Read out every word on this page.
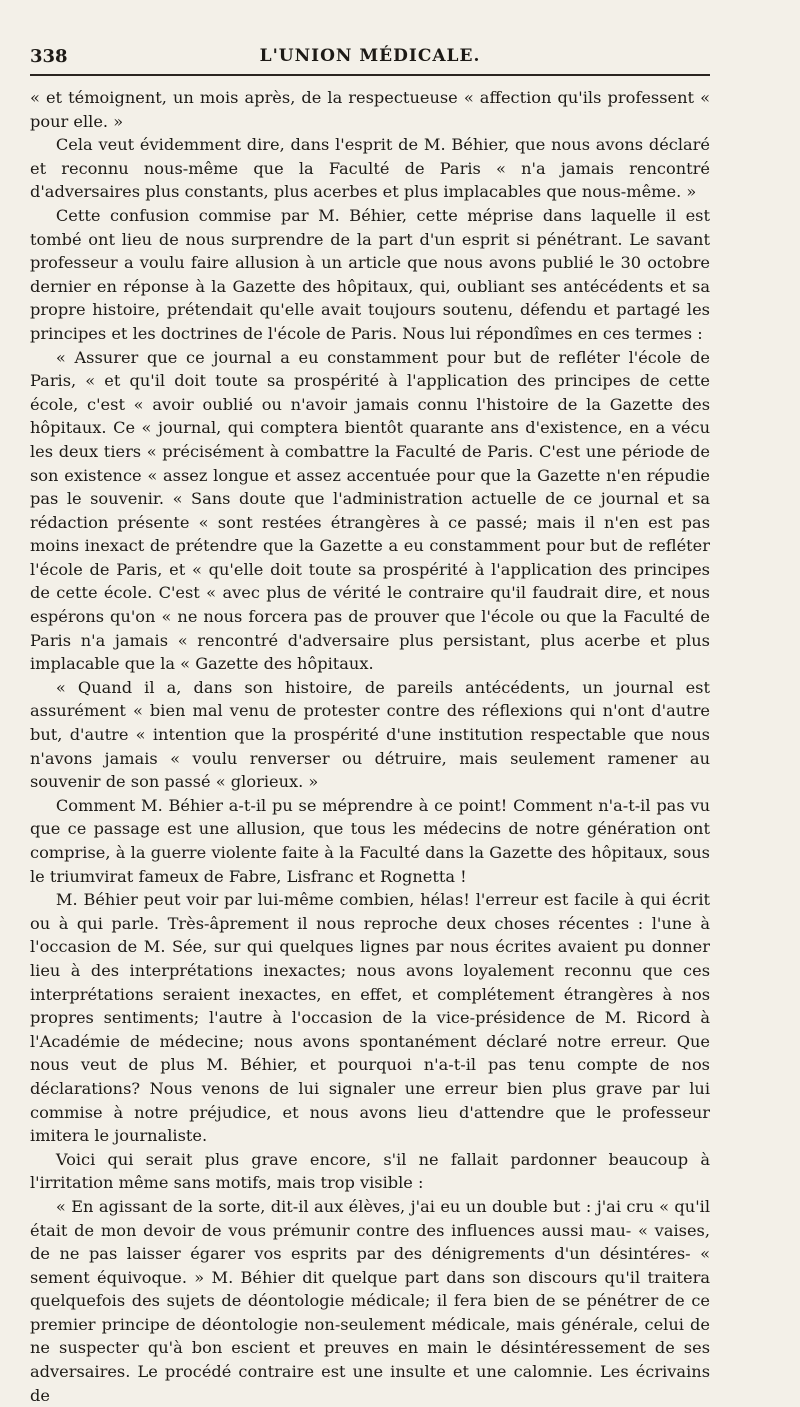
338	L'UNION MÉDICALE.

« et témoignent, un mois après, de la respectueuse « affection qu'ils professent « pour elle. »

Cela veut évidemment dire, dans l'esprit de M. Béhier, que nous avons déclaré et reconnu nous-même que la Faculté de Paris « n'a jamais rencontré d'adversaires plus constants, plus acerbes et plus implacables que nous-même. »

Cette confusion commise par M. Béhier, cette méprise dans laquelle il est tombé ont lieu de nous surprendre de la part d'un esprit si pénétrant. Le savant professeur a voulu faire allusion à un article que nous avons publié le 30 octobre dernier en réponse à la Gazette des hôpitaux, qui, oubliant ses antécédents et sa propre histoire, prétendait qu'elle avait toujours soutenu, défendu et partagé les principes et les doctrines de l'école de Paris. Nous lui répondîmes en ces termes :

« Assurer que ce journal a eu constamment pour but de refléter l'école de Paris, « et qu'il doit toute sa prospérité à l'application des principes de cette école, c'est « avoir oublié ou n'avoir jamais connu l'histoire de la Gazette des hôpitaux. Ce « journal, qui comptera bientôt quarante ans d'existence, en a vécu les deux tiers « précisément à combattre la Faculté de Paris. C'est une période de son existence « assez longue et assez accentuée pour que la Gazette n'en répudie pas le souvenir. « Sans doute que l'administration actuelle de ce journal et sa rédaction présente « sont restées étrangères à ce passé; mais il n'en est pas moins inexact de prétendre que la Gazette a eu constamment pour but de refléter l'école de Paris, et « qu'elle doit toute sa prospérité à l'application des principes de cette école. C'est « avec plus de vérité le contraire qu'il faudrait dire, et nous espérons qu'on « ne nous forcera pas de prouver que l'école ou que la Faculté de Paris n'a jamais « rencontré d'adversaire plus persistant, plus acerbe et plus implacable que la « Gazette des hôpitaux.

« Quand il a, dans son histoire, de pareils antécédents, un journal est assurément « bien mal venu de protester contre des réflexions qui n'ont d'autre but, d'autre « intention que la prospérité d'une institution respectable que nous n'avons jamais « voulu renverser ou détruire, mais seulement ramener au souvenir de son passé « glorieux. »

Comment M. Béhier a-t-il pu se méprendre à ce point! Comment n'a-t-il pas vu que ce passage est une allusion, que tous les médecins de notre génération ont comprise, à la guerre violente faite à la Faculté dans la Gazette des hôpitaux, sous le triumvirat fameux de Fabre, Lisfranc et Rognetta !

M. Béhier peut voir par lui-même combien, hélas! l'erreur est facile à qui écrit ou à qui parle. Très-âprement il nous reproche deux choses récentes : l'une à l'occasion de M. Sée, sur qui quelques lignes par nous écrites avaient pu donner lieu à des interprétations inexactes; nous avons loyalement reconnu que ces interprétations seraient inexactes, en effet, et complétement étrangères à nos propres sentiments; l'autre à l'occasion de la vice-présidence de M. Ricord à l'Académie de médecine; nous avons spontanément déclaré notre erreur. Que nous veut de plus M. Béhier, et pourquoi n'a-t-il pas tenu compte de nos déclarations? Nous venons de lui signaler une erreur bien plus grave par lui commise à notre préjudice, et nous avons lieu d'attendre que le professeur imitera le journaliste.

Voici qui serait plus grave encore, s'il ne fallait pardonner beaucoup à l'irritation même sans motifs, mais trop visible :

« En agissant de la sorte, dit-il aux élèves, j'ai eu un double but : j'ai cru « qu'il était de mon devoir de vous prémunir contre des influences aussi mau- « vaises, de ne pas laisser égarer vos esprits par des dénigrements d'un désintéres- « sement équivoque. » M. Béhier dit quelque part dans son discours qu'il traitera quelquefois des sujets de déontologie médicale; il fera bien de se pénétrer de ce premier principe de déontologie non-seulement médicale, mais générale, celui de ne suspecter qu'à bon escient et preuves en main le désintéressement de ses adversaires. Le procédé contraire est une insulte et une calomnie. Les écrivains de
